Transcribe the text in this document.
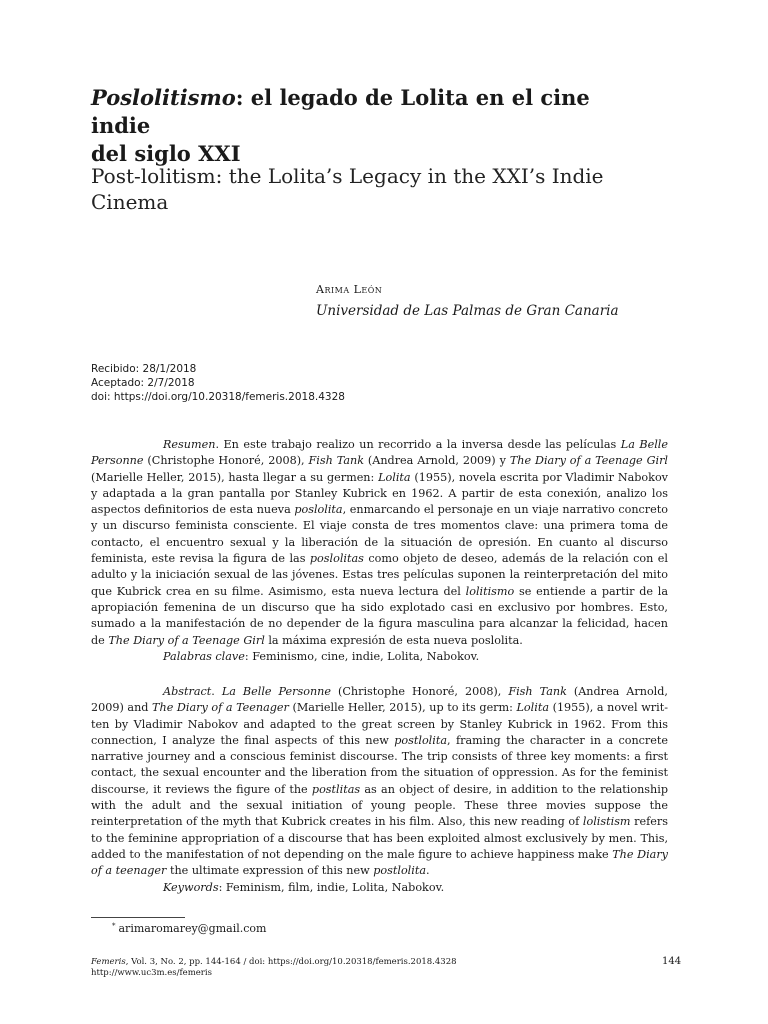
Poslolitismo: el legado de Lolita en el cine indie
del siglo XXI
Post-lolitism: the Lolita’s Legacy in the XXI’s Indie
Cinema
Arima León
Universidad de Las Palmas de Gran Canaria
Recibido: 28/1/2018
Aceptado: 2/7/2018
doi: https://doi.org/10.20318/femeris.2018.4328
Resumen. En este trabajo realizo un recorrido a la inversa desde las películas La Belle Personne (Christophe Honoré, 2008), Fish Tank (Andrea Arnold, 2009) y The Diary of a Teenage Girl (Marielle Heller, 2015), hasta llegar a su germen: Lolita (1955), novela escrita por Vladimir Nabokov y adaptada a la gran pantalla por Stanley Kubrick en 1962. A partir de esta conexión, analizo los aspectos definitorios de esta nueva poslolita, enmarcando el personaje en un viaje narrativo concreto y un discurso feminista consciente. El viaje consta de tres momentos clave: una primera toma de contacto, el encuentro sexual y la liberación de la situación de opresión. En cuanto al discurso feminista, este revisa la figura de las poslolitas como objeto de deseo, además de la relación con el adulto y la iniciación sexual de las jóvenes. Estas tres películas suponen la reinterpretación del mito que Kubrick crea en su filme. Asimismo, esta nueva lectura del lolitismo se entiende a partir de la apropiación femenina de un discurso que ha sido explotado casi en exclusivo por hombres. Esto, sumado a la manifestación de no depender de la figura masculina para alcanzar la felicidad, hacen de The Diary of a Teenage Girl la máxima expresión de esta nueva poslolita.
Palabras clave: Feminismo, cine, indie, Lolita, Nabokov.
Abstract. La Belle Personne (Christophe Honoré, 2008), Fish Tank (Andrea Arnold, 2009) and The Diary of a Teenager (Marielle Heller, 2015), up to its germ: Lolita (1955), a novel written by Vladimir Nabokov and adapted to the great screen by Stanley Kubrick in 1962. From this connection, I analyze the final aspects of this new postlolita, framing the character in a concrete narrative journey and a conscious feminist discourse. The trip consists of three key moments: a first contact, the sexual encounter and the liberation from the situation of oppression. As for the feminist discourse, it reviews the figure of the postlitas as an object of desire, in addition to the relationship with the adult and the sexual initiation of young people. These three movies suppose the reinterpretation of the myth that Kubrick creates in his film. Also, this new reading of lolistism refers to the feminine appropriation of a discourse that has been exploited almost exclusively by men. This, added to the manifestation of not depending on the male figure to achieve happiness make The Diary of a teenager the ultimate expression of this new postlolita.
Keywords: Feminism, film, indie, Lolita, Nabokov.
* arimaromarey@gmail.com
Femeris, Vol. 3, No. 2, pp. 144-164 / doi: https://doi.org/10.20318/femeris.2018.4328
http://www.uc3m.es/femeris
144
